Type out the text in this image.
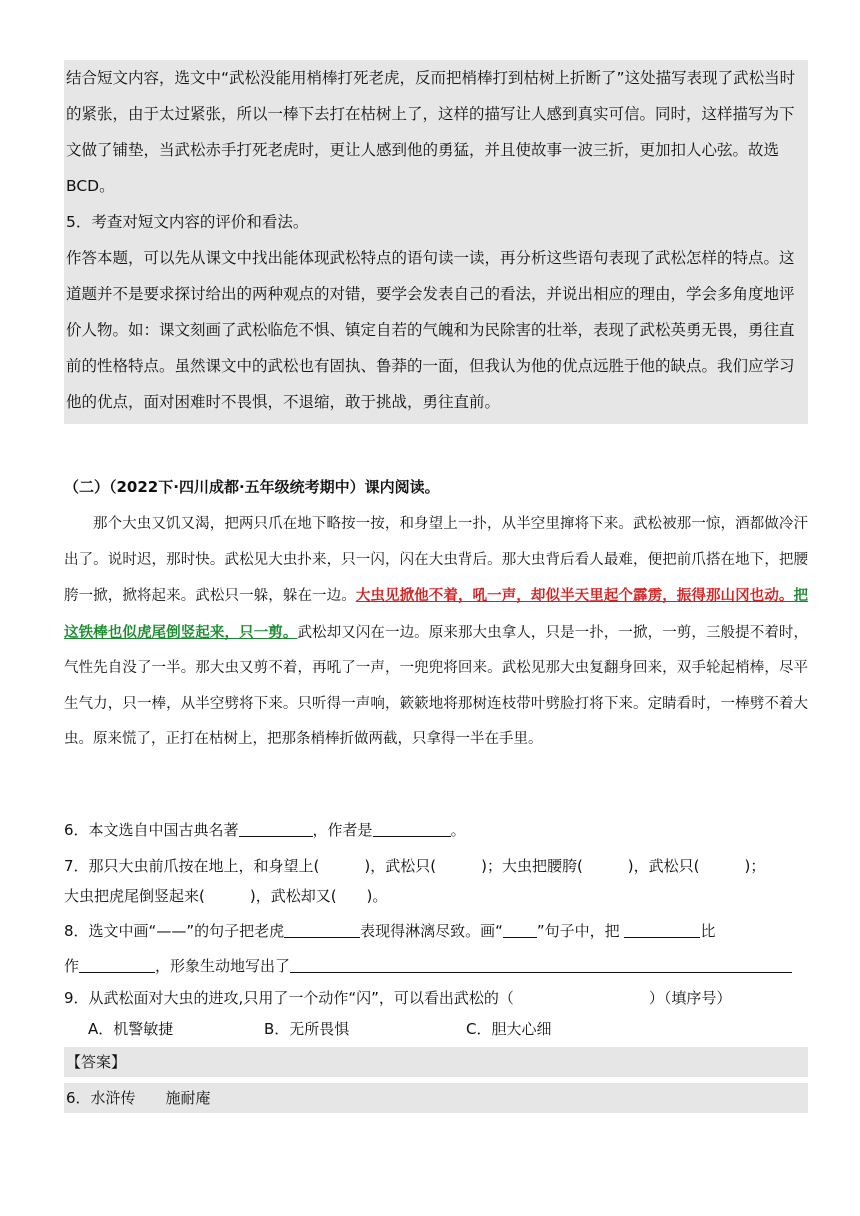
结合短文内容，选文中“武松没能用梢棒打死老虎，反而把梢棒打到枯树上折断了”这处描写表现了武松当时的紧张，由于太过紧张，所以一棒下去打在枯树上了，这样的描写让人感到真实可信。同时，这样描写为下文做了铺垫，当武松赤手打死老虎时，更让人感到他的勇猛，并且使故事一波三折，更加扣人心弦。故选BCD。

5．考查对短文内容的评价和看法。

作答本题，可以先从课文中找出能体现武松特点的语句读一读，再分析这些语句表现了武松怎样的特点。这道题并不是要求探讨给出的两种观点的对错，要学会发表自己的看法，并说出相应的理由，学会多角度地评价人物。如：课文刻画了武松临危不惧、镇定自若的气魄和为民除害的壮举，表现了武松英勇无畏，勇往直前的性格特点。虽然课文中的武松也有固执、鲁莽的一面，但我认为他的优点远胜于他的缺点。我们应学习他的优点，面对困难时不畏惧，不退缩，敢于挑战，勇往直前。

（二）（2022下·四川成都·五年级统考期中）课内阅读。
那个大虫又饥又渴，把两只爪在地下略按一按，和身望上一扑，从半空里撺将下来。武松被那一惊，酒都做冷汗出了。说时迟，那时快。武松见大虫扑来，只一闪，闪在大虫背后。那大虫背后看人最难，便把前爪搭在地下，把腰胯一掀，掀将起来。武松只一躲，躲在一边。大虫见掀他不着，吼一声，却似半天里起个霹雳，振得那山冈也动。把这铁棒也似虎尾倒竖起来，只一剪。武松却又闪在一边。原来那大虫拿人，只是一扑，一掀，一剪，三般提不着时，气性先自没了一半。那大虫又剪不着，再吼了一声，一兜兜将回来。武松见那大虫复翻身回来，双手轮起梢棒，尽平生气力，只一棒，从半空劈将下来。只听得一声响，簌簌地将那树连枝带叶劈脸打将下来。定睛看时，一棒劈不着大虫。原来慌了，正打在枯树上，把那条梢棒折做两截，只拿得一半在手里。
6．本文选自中国古典名著	，作者是	。
7．那只大虫前爪按在地上，和身望上(　　　)，武松只(　　　)；大虫把腰胯(　　　)，武松只(　　　)；
大虫把虎尾倒竖起来(　　　)，武松却又(　　)。
8．选文中画“——”的句子把老虎	表现得淋漓尽致。画“ ”句子中，把	比
作	，形象生动地写出了
9．从武松面对大虫的进攻,只用了一个动作“闪”，可以看出武松的（　　　　　　　　　）（填序号）
A．机警敏捷	B．无所畏惧	C．胆大心细
【答案】
6．水浒传　　施耐庵
